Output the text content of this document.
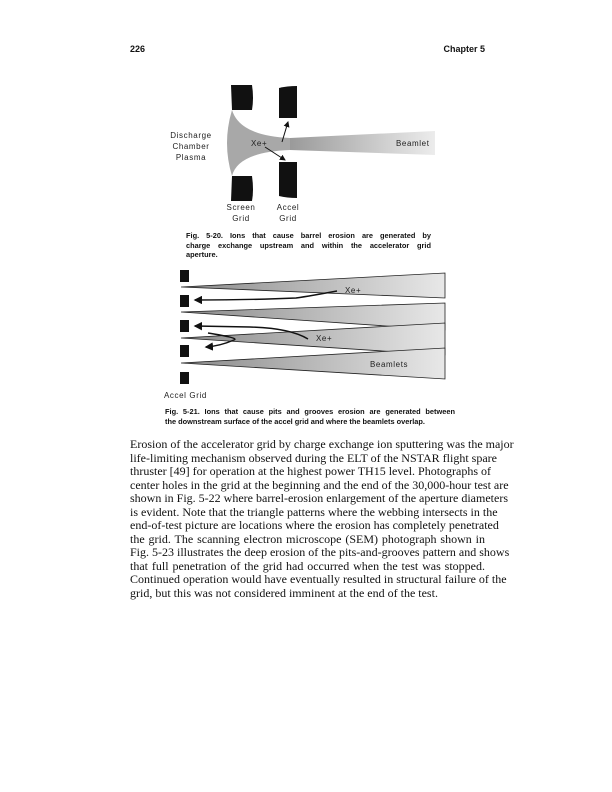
226	Chapter 5
Discharge
Chamber
Plasma
Xe+	Beamlet
Screen
Grid
Accel
Grid
Xe+
Xe+
Beamlets
Accel Grid
Fig. 5-20. Ions that cause barrel erosion are generated by
charge exchange upstream and within the accelerator grid
aperture.
Fig. 5-21. Ions that cause pits and grooves erosion are generated between
the downstream surface of the accel grid and where the beamlets overlap.
Erosion of the accelerator grid by charge exchange ion sputtering was the major
life-limiting mechanism observed during the ELT of the NSTAR flight spare
thruster [49] for operation at the highest power TH15 level. Photographs of
center holes in the grid at the beginning and the end of the 30,000-hour test are
shown in Fig. 5-22 where barrel-erosion enlargement of the aperture diameters
is evident. Note that the triangle patterns where the webbing intersects in the
end-of-test picture are locations where the erosion has completely penetrated
the grid. The scanning electron microscope (SEM) photograph shown in
Fig. 5-23 illustrates the deep erosion of the pits-and-grooves pattern and shows
that full penetration of the grid had occurred when the test was stopped.
Continued operation would have eventually resulted in structural failure of the
grid, but this was not considered imminent at the end of the test.
